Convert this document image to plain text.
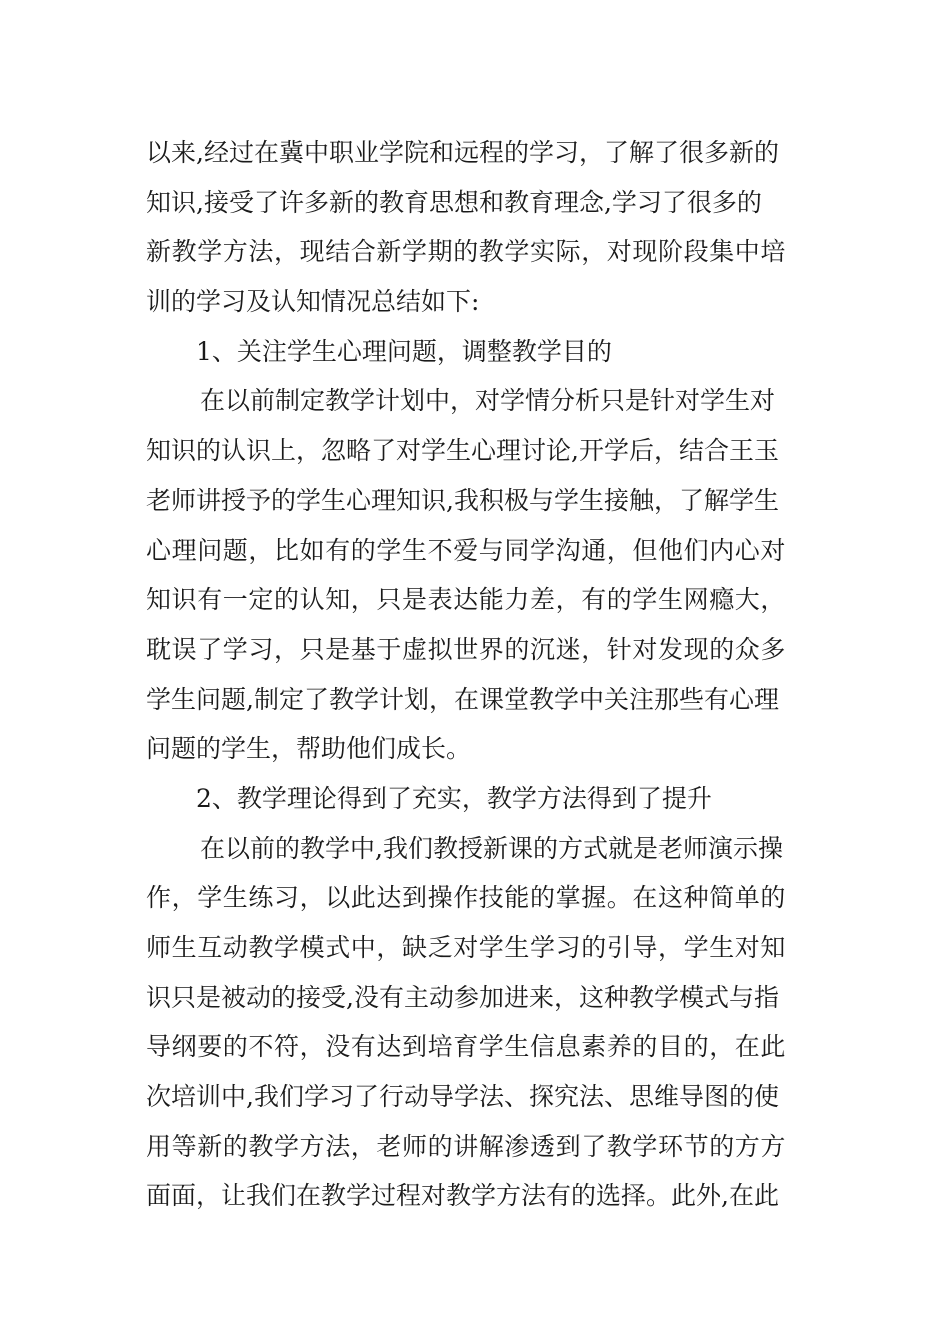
以来,经过在冀中职业学院和远程的学习，了解了很多新的
知识,接受了许多新的教育思想和教育理念,学习了很多的
新教学方法，现结合新学期的教学实际，对现阶段集中培
训的学习及认知情况总结如下:
1、关注学生心理问题，调整教学目的
在以前制定教学计划中，对学情分析只是针对学生对
知识的认识上，忽略了对学生心理讨论,开学后，结合王玉
老师讲授予的学生心理知识,我积极与学生接触，了解学生
心理问题，比如有的学生不爱与同学沟通，但他们内心对
知识有一定的认知，只是表达能力差，有的学生网瘾大，
耽误了学习，只是基于虚拟世界的沉迷，针对发现的众多
学生问题,制定了教学计划，在课堂教学中关注那些有心理
问题的学生，帮助他们成长。
2、教学理论得到了充实，教学方法得到了提升
在以前的教学中,我们教授新课的方式就是老师演示操
作，学生练习，以此达到操作技能的掌握。在这种简单的
师生互动教学模式中，缺乏对学生学习的引导，学生对知
识只是被动的接受,没有主动参加进来，这种教学模式与指
导纲要的不符，没有达到培育学生信息素养的目的，在此
次培训中,我们学习了行动导学法、探究法、思维导图的使
用等新的教学方法，老师的讲解渗透到了教学环节的方方
面面，让我们在教学过程对教学方法有的选择。此外,在此
